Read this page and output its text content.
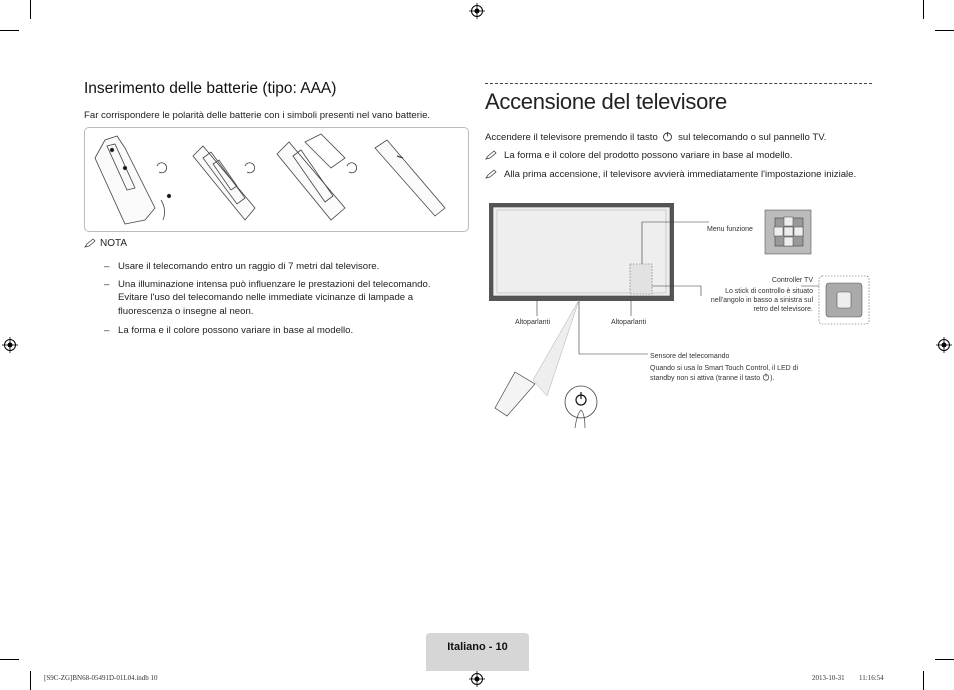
Inserimento delle batterie (tipo: AAA)
Far corrispondere le polarità delle batterie con i simboli presenti nel vano batterie.
NOTA
– Usare il telecomando entro un raggio di 7 metri dal televisore.
– Una illuminazione intensa può influenzare le prestazioni del telecomando. Evitare l'uso del telecomando nelle immediate vicinanze di lampade a fluorescenza o insegne al neon.
– La forma e il colore possono variare in base al modello.
Accensione del televisore
Accendere il televisore premendo il tasto sul telecomando o sul pannello TV.
La forma e il colore del prodotto possono variare in base al modello.
Alla prima accensione, il televisore avvierà immediatamente l'impostazione iniziale.
Menu funzione
Controller TV
Lo stick di controllo è situato
nell'angolo in basso a sinistra sul
retro del televisore.
Altoparlanti	Altoparlanti
Sensore del telecomando
Quando si usa lo Smart Touch Control, il LED di
standby non si attiva (tranne il tasto ).
Italiano - 10
[S9C-ZG]BN68-05491D-01L04.indb 10	2013-10-31 ￿￿ 11:16:54
